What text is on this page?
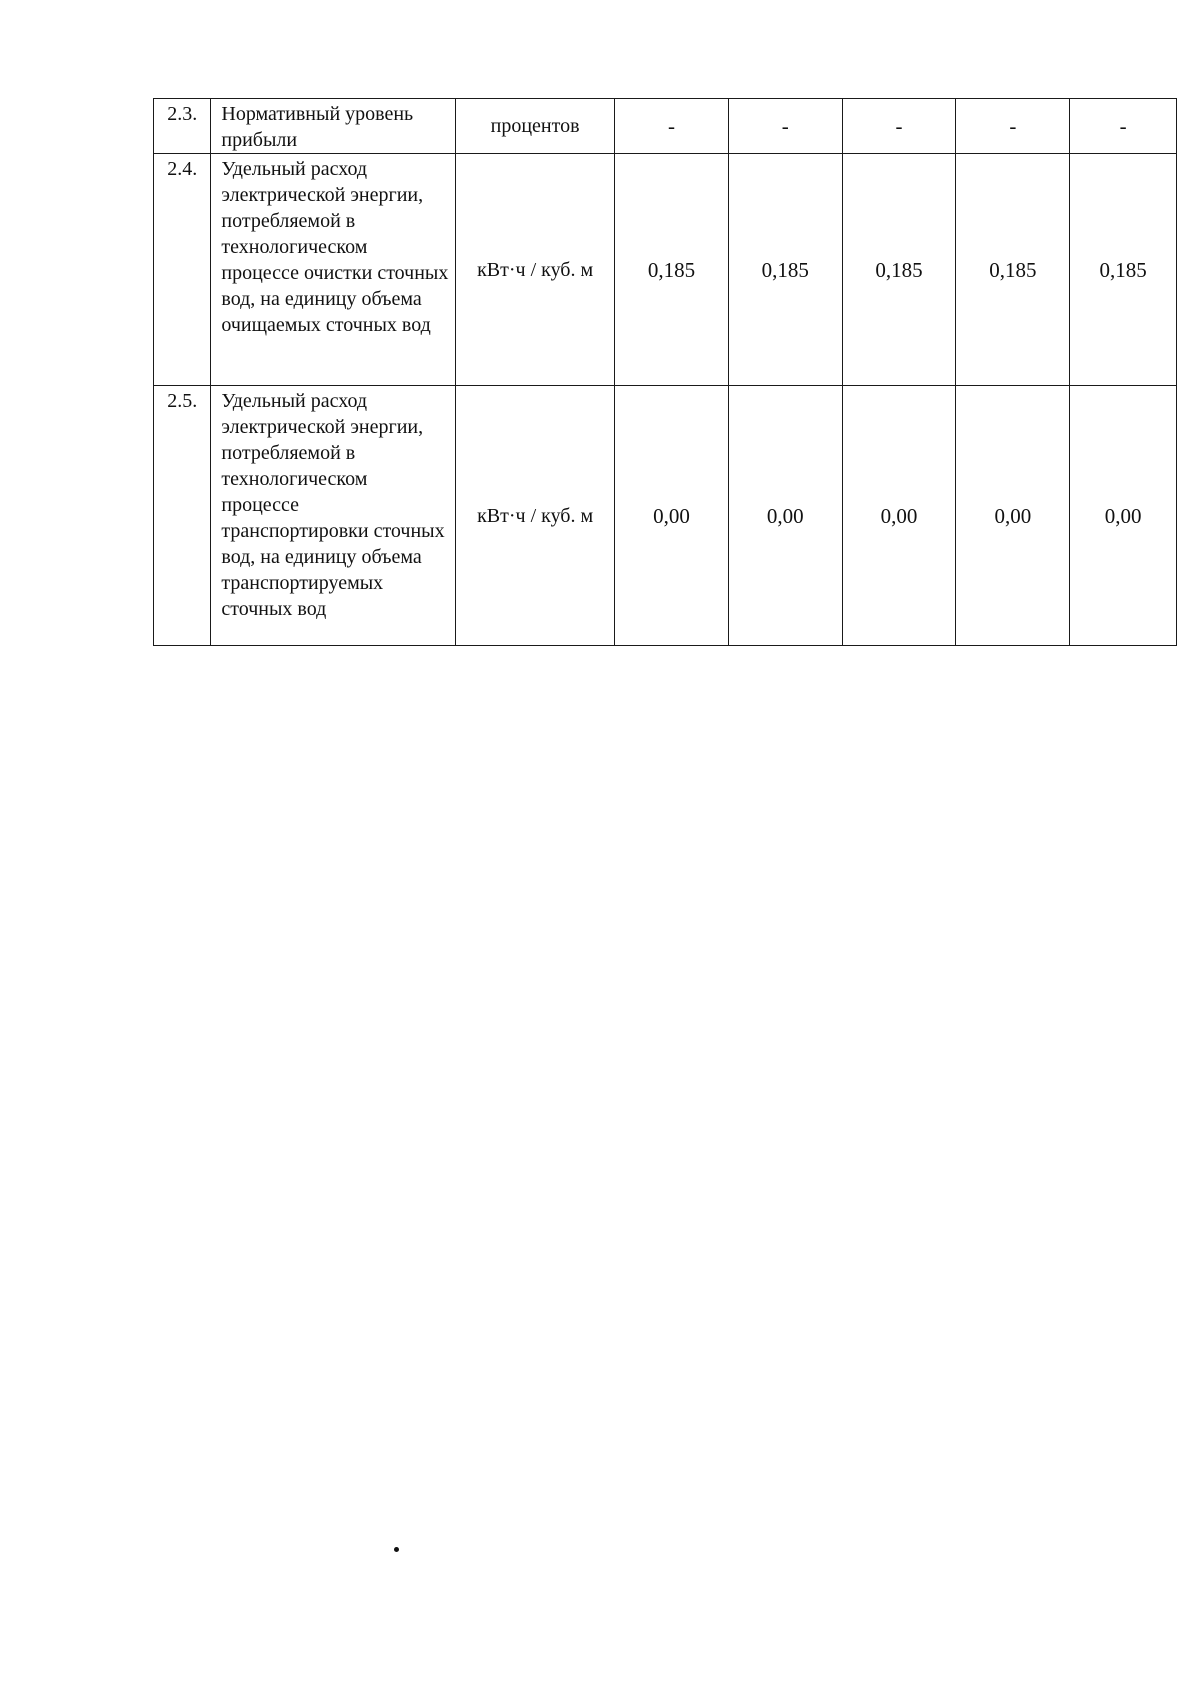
2.3.	Нормативный уровень прибыли	процентов	-	-	-	-	-
2.4.	Удельный расход электрической энергии, потребляемой в технологическом процессе очистки сточных вод, на единицу объема очищаемых сточных вод	кВт·ч / куб. м	0,185	0,185	0,185	0,185	0,185
2.5.	Удельный расход электрической энергии, потребляемой в технологическом процессе транспортировки сточных вод, на единицу объема транспортируемых сточных вод	кВт·ч / куб. м	0,00	0,00	0,00	0,00	0,00
